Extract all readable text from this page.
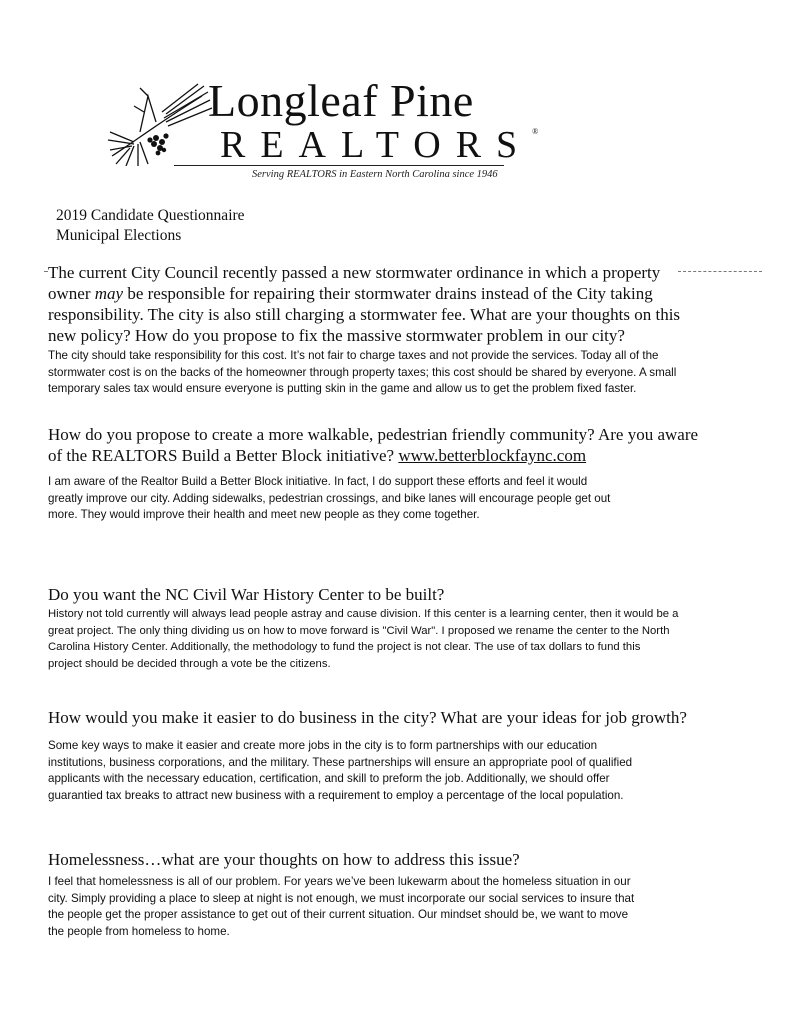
Longleaf Pine
REALTORS®
Serving REALTORS in Eastern North Carolina since 1946
2019 Candidate Questionnaire
Municipal Elections
The current City Council recently passed a new stormwater ordinance in which a property
owner may be responsible for repairing their stormwater drains instead of the City taking
responsibility. The city is also still charging a stormwater fee. What are your thoughts on this
new policy? How do you propose to fix the massive stormwater problem in our city?
The city should take responsibility for this cost. It’s not fair to charge taxes and not provide the services. Today all of the
stormwater cost is on the backs of the homeowner through property taxes; this cost should be shared by everyone. A small
temporary sales tax would ensure everyone is putting skin in the game and allow us to get the problem fixed faster.
How do you propose to create a more walkable, pedestrian friendly community? Are you aware
of the REALTORS Build a Better Block initiative? www.betterblockfaync.com
I am aware of the Realtor Build a Better Block initiative. In fact, I do support these efforts and feel it would
greatly improve our city. Adding sidewalks, pedestrian crossings, and bike lanes will encourage people get out
more. They would improve their health and meet new people as they come together.
Do you want the NC Civil War History Center to be built?
History not told currently will always lead people astray and cause division. If this center is a learning center, then it would be a
great project. The only thing dividing us on how to move forward is "Civil War". I proposed we rename the center to the North
Carolina History Center. Additionally, the methodology to fund the project is not clear. The use of tax dollars to fund this
project should be decided through a vote be the citizens.
How would you make it easier to do business in the city? What are your ideas for job growth?
Some key ways to make it easier and create more jobs in the city is to form partnerships with our education
institutions, business corporations, and the military. These partnerships will ensure an appropriate pool of qualified
applicants with the necessary education, certification, and skill to preform the job. Additionally, we should offer
guarantied tax breaks to attract new business with a requirement to employ a percentage of the local population.
Homelessness…what are your thoughts on how to address this issue?
I feel that homelessness is all of our problem. For years we’ve been lukewarm about the homeless situation in our
city. Simply providing a place to sleep at night is not enough, we must incorporate our social services to insure that
the people get the proper assistance to get out of their current situation. Our mindset should be, we want to move
the people from homeless to home.
